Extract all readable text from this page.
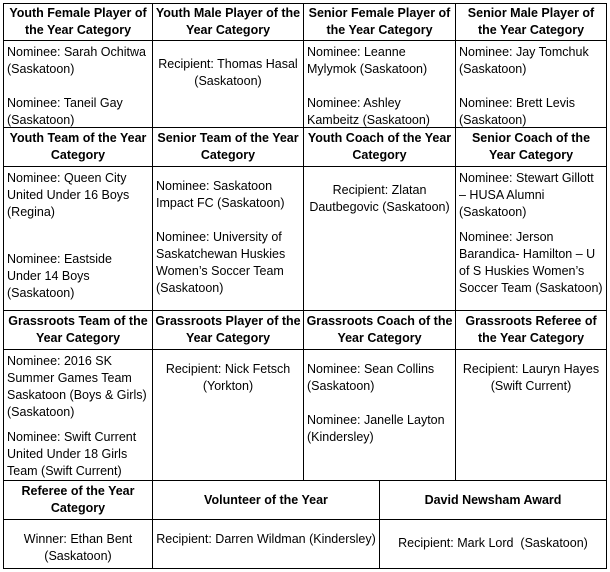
Youth Female Player of the Year Category
Youth Male Player of the Year Category
Senior Female Player of the Year Category
Senior Male Player of the Year Category
Nominee: Sarah Ochitwa (Saskatoon)
Nominee: Taneil Gay (Saskatoon)
Recipient: Thomas Hasal (Saskatoon)
Nominee: Leanne Mylymok (Saskatoon)
Nominee: Ashley Kambeitz (Saskatoon)
Nominee: Jay Tomchuk (Saskatoon)
Nominee: Brett Levis (Saskatoon)
Youth Team of the Year Category
Senior Team of the Year Category
Youth Coach of the Year Category
Senior Coach of the Year Category
Nominee: Queen City United Under 16 Boys (Regina)
Nominee: Eastside Under 14 Boys (Saskatoon)
Nominee: Saskatoon Impact FC (Saskatoon)
Nominee: University of Saskatchewan Huskies Women’s Soccer Team (Saskatoon)
Recipient: Zlatan Dautbegovic (Saskatoon)
Nominee: Stewart Gillott – HUSA Alumni (Saskatoon)
Nominee: Jerson Barandica- Hamilton – U of S Huskies Women’s Soccer Team (Saskatoon)
Grassroots Team of the Year Category
Grassroots Player of the Year Category
Grassroots Coach of the Year Category
Grassroots Referee of the Year Category
Nominee: 2016 SK Summer Games Team Saskatoon (Boys & Girls) (Saskatoon)
Nominee: Swift Current United Under 18 Girls Team (Swift Current)
Recipient: Nick Fetsch (Yorkton)
Nominee: Sean Collins (Saskatoon)
Nominee: Janelle Layton (Kindersley)
Recipient: Lauryn Hayes (Swift Current)
Referee of the Year Category
Volunteer of the Year	David Newsham Award
Winner: Ethan Bent (Saskatoon)
Recipient: Darren Wildman (Kindersley)	Recipient: Mark Lord  (Saskatoon)
